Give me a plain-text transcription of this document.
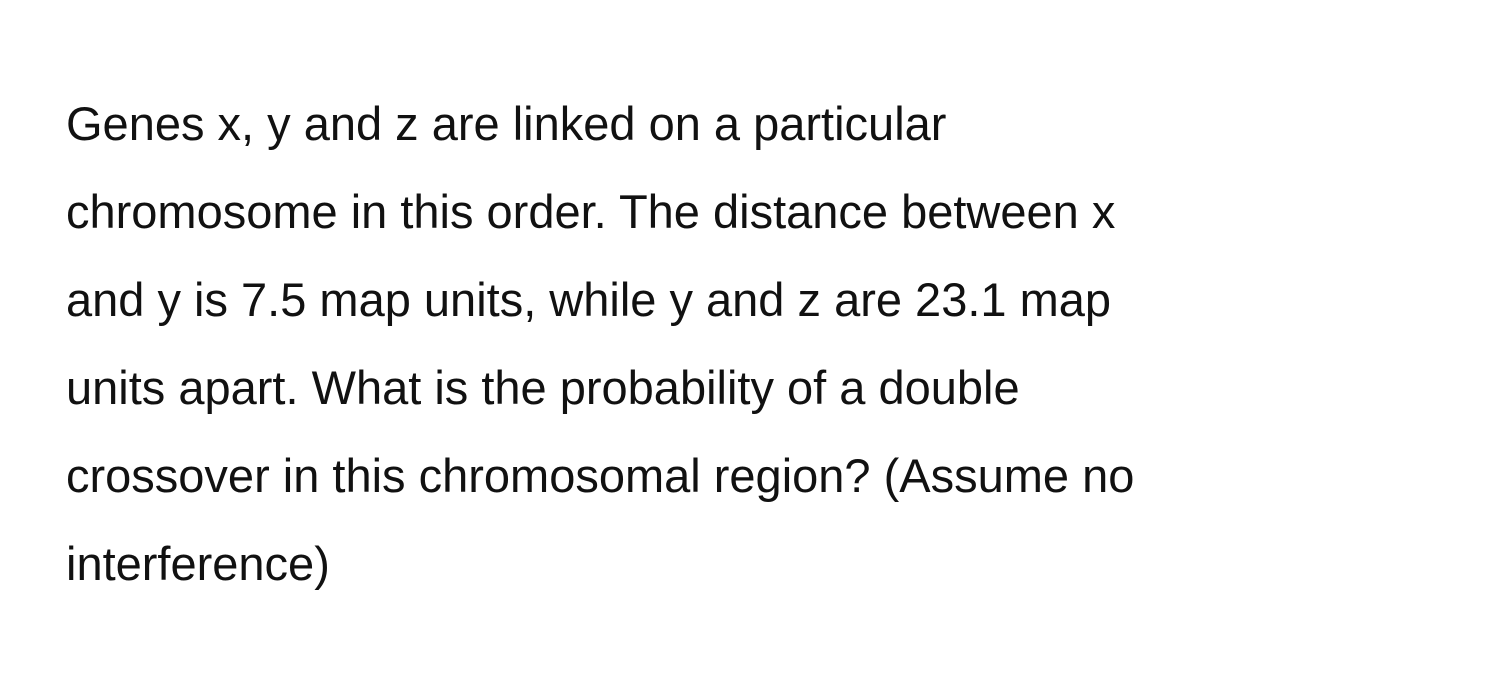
Genes x, y and z are linked on a particular

chromosome in this order. The distance between x

and y is 7.5 map units, while y and z are 23.1 map

units apart. What is the probability of a double

crossover in this chromosomal region? (Assume no

interference)
